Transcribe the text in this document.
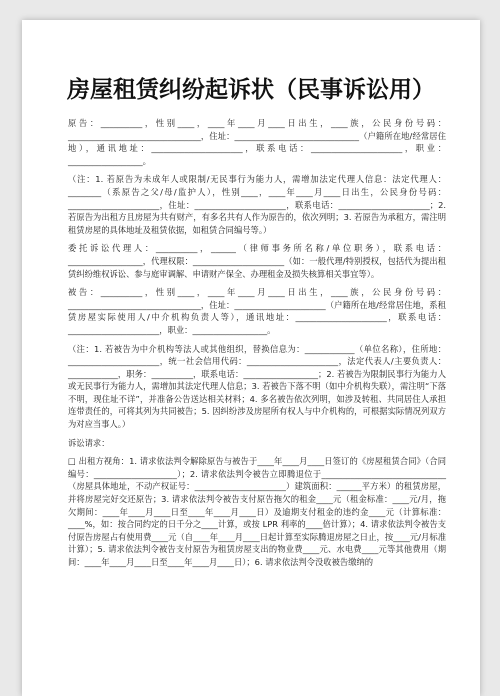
房屋租赁纠纷起诉状（民事诉讼用）

原告：__________，性别____，____年____月____日出生，____族，公民身份号码：________________________________，住址：______________________________（户籍所在地/经常居住地），通讯地址：______________________，联系电话：______________________，职业：__________________。

（注：1. 若原告为未成年人或限制/无民事行为能力人，需增加法定代理人信息：法定代理人：________（系原告之父/母/监护人），性别____，____年____月____日出生，公民身份号码：______________________，住址：______________________，联系电话：______________________；2. 若原告为出租方且房屋为共有财产，有多名共有人作为原告的，依次列明；3. 若原告为承租方，需注明租赁房屋的具体地址及租赁依据，如租赁合同编号等。）

委托诉讼代理人：__________，______（律师事务所名称/单位职务），联系电话：__________________，代理权限：______________________（如：一般代理/特别授权，包括代为提出租赁纠纷维权诉讼、参与庭审调解、申请财产保全、办理租金及损失核算相关事宜等）。

被告：__________，性别____，____年____月____日出生，____族，公民身份号码：________________________________，住址：______________________（户籍所在地/经常居住地，系租赁房屋实际使用人/中介机构负责人等），通讯地址：______________________，联系电话：______________________，职业：__________________。

（注：1. 若被告为中介机构等法人或其他组织，替换信息为：____________（单位名称），住所地：______________________，统一社会信用代码：______________________，法定代表人/主要负责人：____________，职务：__________，联系电话：__________________；2. 若被告为限制民事行为能力人或无民事行为能力人，需增加其法定代理人信息；3. 若被告下落不明（如中介机构失联），需注明“下落不明，现住址不详”，并准备公告送达相关材料；4. 多名被告依次列明，如涉及转租、共同居住人承担连带责任的，可将其列为共同被告；5. 因纠纷涉及房屋所有权人与中介机构的，可根据实际情况列双方为对应当事人。）

诉讼请求：

□ 出租方视角：1. 请求依法判令解除原告与被告于____年____月____日签订的《房屋租赁合同》（合同编号：____________________）；2. 请求依法判令被告立即腾退位于______________________________（房屋具体地址，不动产权证号：______________________）建筑面积：______平方米）的租赁房屋，并将房屋完好交还原告；3. 请求依法判令被告支付原告拖欠的租金____元（租金标准：____元/月，拖欠期间：____年____月____日至____年____月____日）及逾期支付租金的违约金____元（计算标准：____%，如：按合同约定的日千分之____计算，或按 LPR 利率的____倍计算）；4. 请求依法判令被告支付原告房屋占有使用费____元（自____年____月____日起计算至实际腾退房屋之日止，按____元/月标准计算）；5. 请求依法判令被告支付原告为租赁房屋支出的物业费____元、水电费____元等其他费用（期间：____年____月____日至____年____月____日）；6. 请求依法判令没收被告缴纳的
